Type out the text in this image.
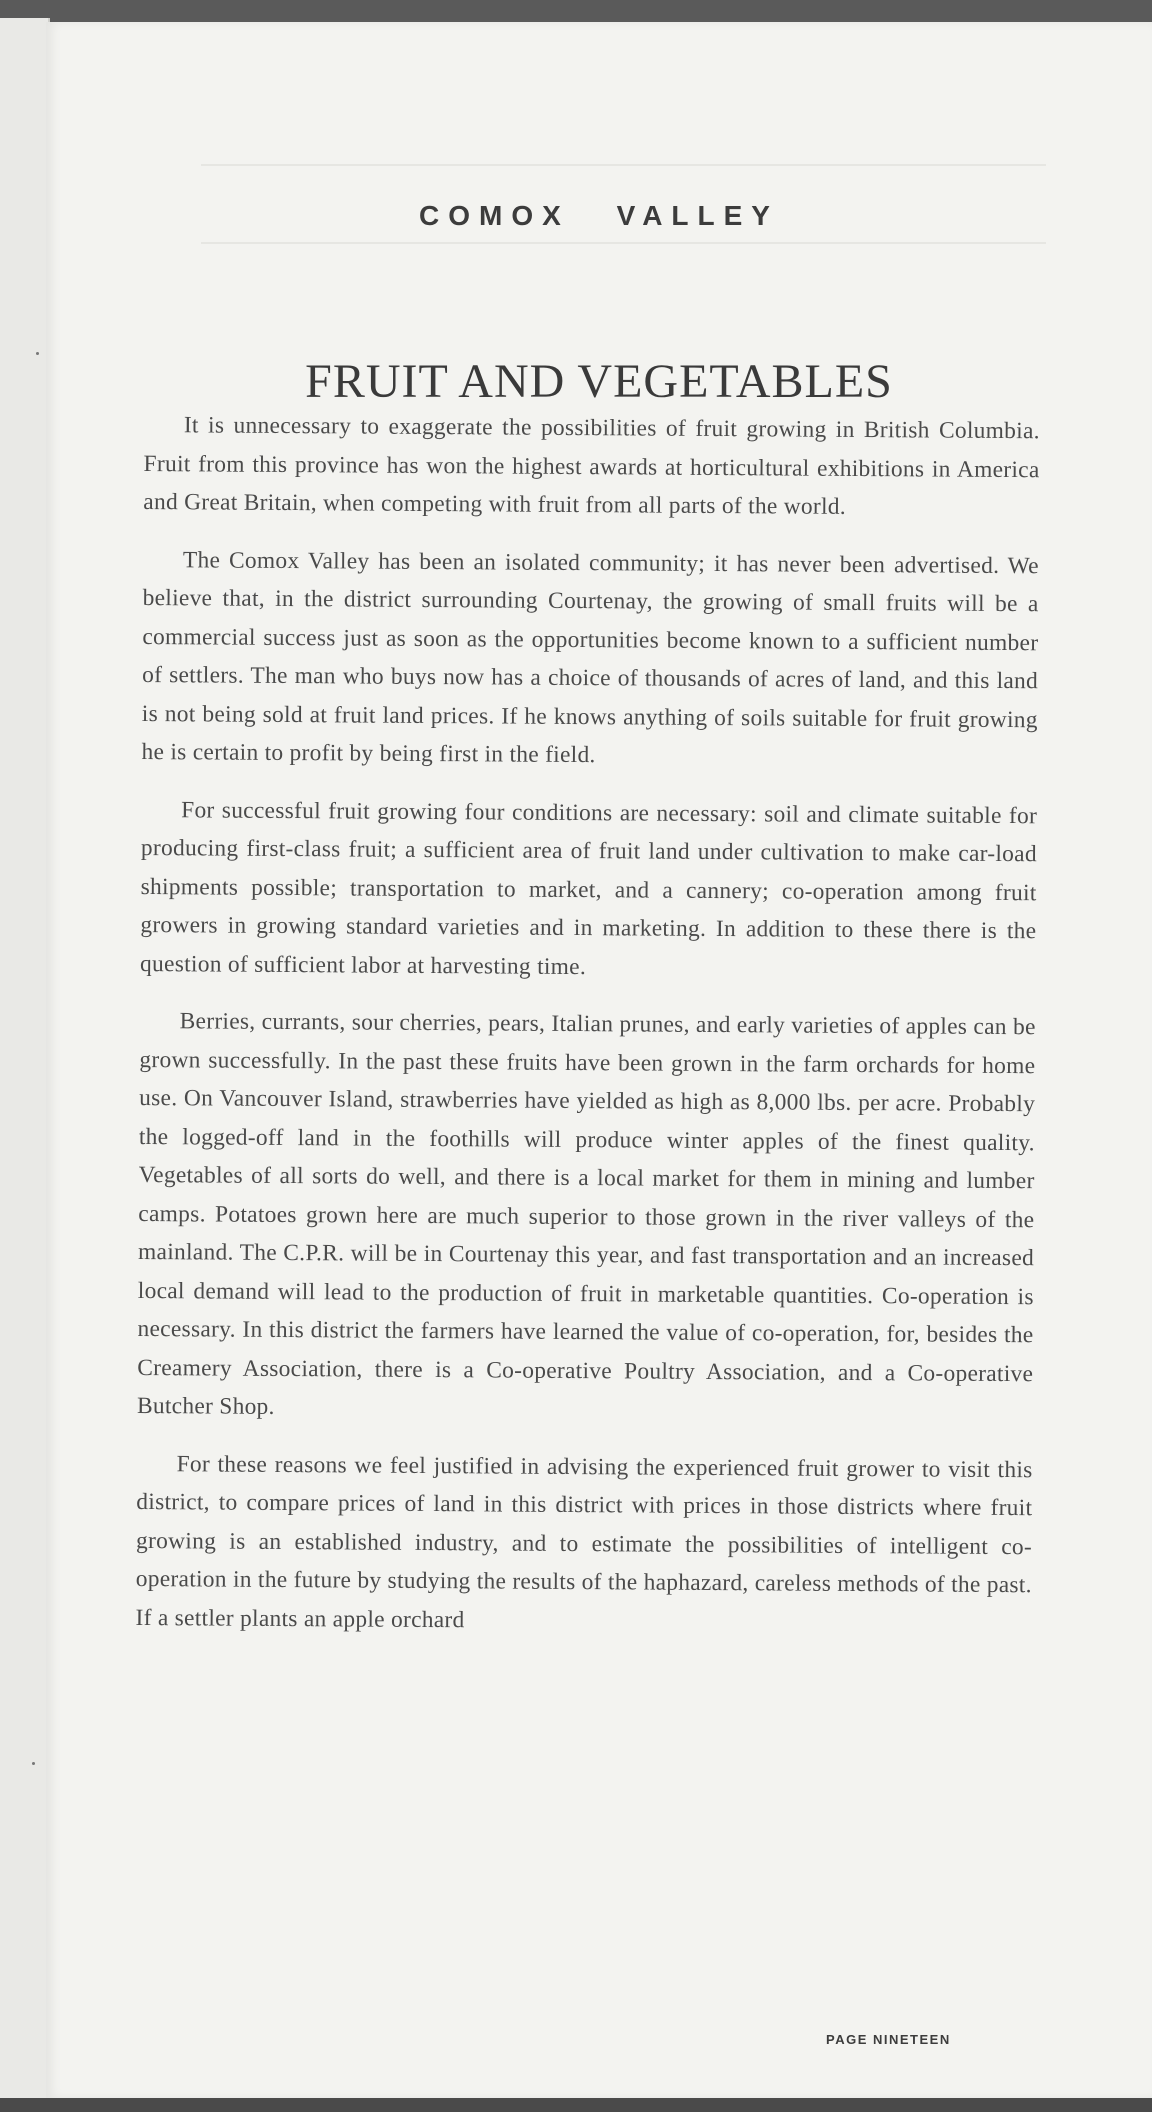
COMOX VALLEY
FRUIT AND VEGETABLES

It is unnecessary to exaggerate the possibilities of fruit growing in British Columbia. Fruit from this province has won the highest awards at horticultural exhibitions in America and Great Britain, when competing with fruit from all parts of the world.

The Comox Valley has been an isolated community; it has never been advertised. We believe that, in the district surrounding Courtenay, the growing of small fruits will be a commercial success just as soon as the opportunities become known to a sufficient number of settlers. The man who buys now has a choice of thousands of acres of land, and this land is not being sold at fruit land prices. If he knows anything of soils suitable for fruit growing he is certain to profit by being first in the field.

For successful fruit growing four conditions are necessary: soil and climate suitable for producing first-class fruit; a sufficient area of fruit land under cultivation to make car-load shipments possible; transportation to market, and a cannery; co-operation among fruit growers in growing standard varieties and in marketing. In addition to these there is the question of sufficient labor at harvesting time.

Berries, currants, sour cherries, pears, Italian prunes, and early varieties of apples can be grown successfully. In the past these fruits have been grown in the farm orchards for home use. On Vancouver Island, strawberries have yielded as high as 8,000 lbs. per acre. Probably the logged-off land in the foothills will produce winter apples of the finest quality. Vegetables of all sorts do well, and there is a local market for them in mining and lumber camps. Potatoes grown here are much superior to those grown in the river valleys of the mainland. The C.P.R. will be in Courtenay this year, and fast transportation and an increased local demand will lead to the production of fruit in marketable quantities. Co-operation is necessary. In this district the farmers have learned the value of co-operation, for, besides the Creamery Association, there is a Co-operative Poultry Association, and a Co-operative Butcher Shop.

For these reasons we feel justified in advising the experienced fruit grower to visit this district, to compare prices of land in this district with prices in those districts where fruit growing is an established industry, and to estimate the possibilities of intelligent co-operation in the future by studying the results of the haphazard, careless methods of the past. If a settler plants an apple orchard

PAGE NINETEEN
